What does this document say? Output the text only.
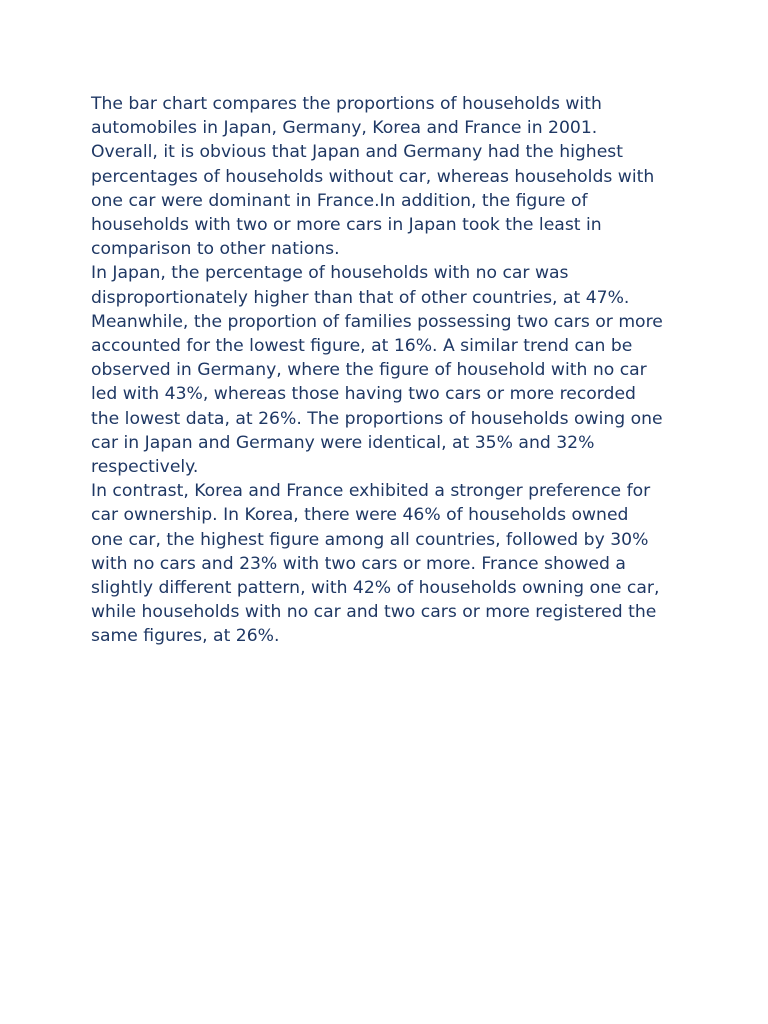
The bar chart compares the proportions of households with
automobiles in Japan, Germany, Korea and France in 2001.
Overall, it is obvious that Japan and Germany had the highest
percentages of households without car, whereas households with
one car were dominant in France.In addition, the figure of
households with two or more cars in Japan took the least in
comparison to other nations.
In Japan, the percentage of households with no car was
disproportionately higher than that of other countries, at 47%.
Meanwhile, the proportion of families possessing two cars or more
accounted for the lowest figure, at 16%. A similar trend can be
observed in Germany, where the figure of household with no car
led with 43%, whereas those having two cars or more recorded
the lowest data, at 26%. The proportions of households owing one
car in Japan and Germany were identical, at 35% and 32%
respectively.
In contrast, Korea and France exhibited a stronger preference for
car ownership. In Korea, there were 46% of households owned
one car, the highest figure among all countries, followed by 30%
with no cars and 23% with two cars or more. France showed a
slightly different pattern, with 42% of households owning one car,
while households with no car and two cars or more registered the
same figures, at 26%.
